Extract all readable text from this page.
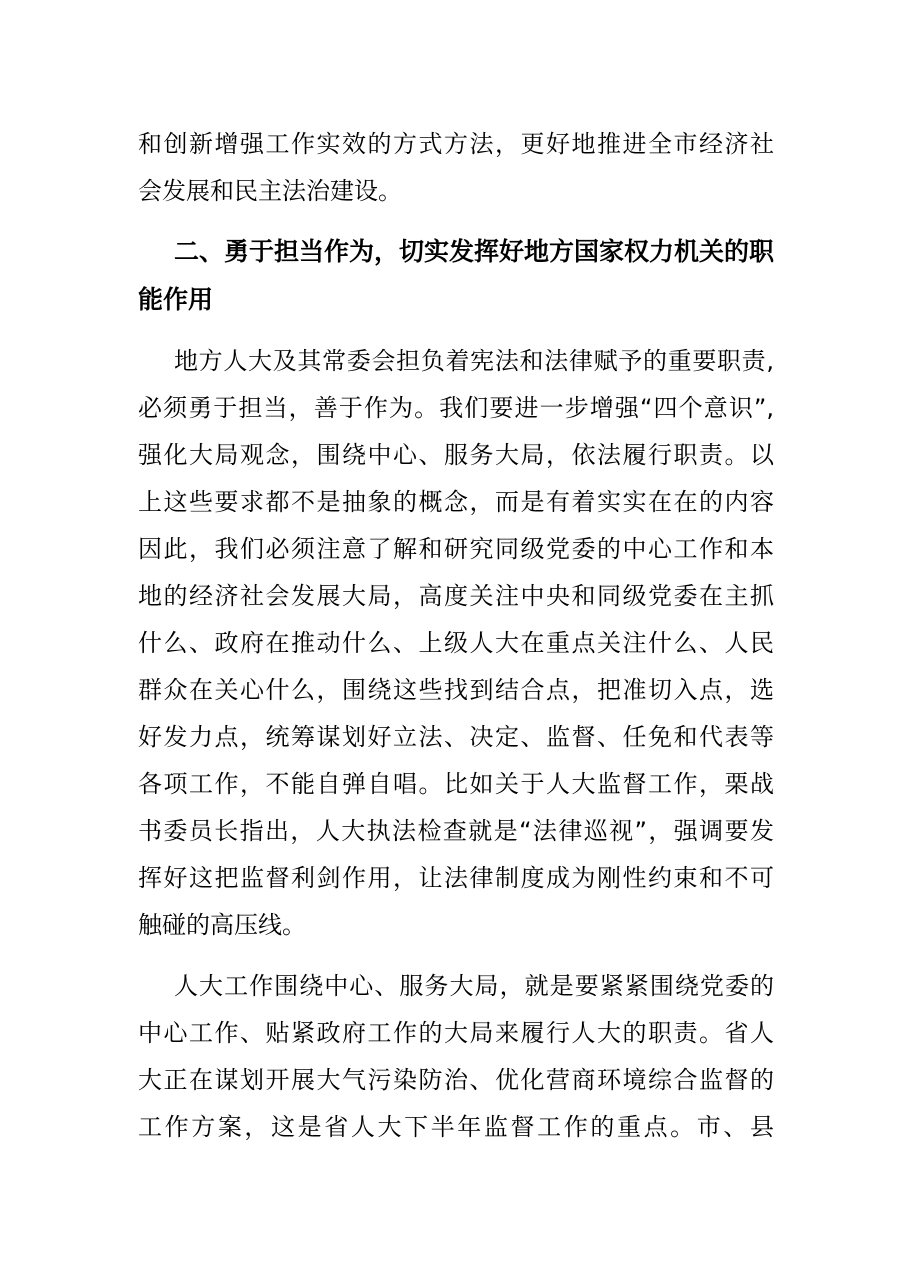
和创新增强工作实效的方式方法，更好地推进全市经济社
会发展和民主法治建设。
二、勇于担当作为，切实发挥好地方国家权力机关的职
能作用
地方人大及其常委会担负着宪法和法律赋予的重要职责,
必须勇于担当，善于作为。我们要进一步增强“四个意识”,
强化大局观念，围绕中心、服务大局，依法履行职责。以
上这些要求都不是抽象的概念，而是有着实实在在的内容
因此，我们必须注意了解和研究同级党委的中心工作和本
地的经济社会发展大局，高度关注中央和同级党委在主抓
什么、政府在推动什么、上级人大在重点关注什么、人民
群众在关心什么，围绕这些找到结合点，把准切入点，选
好发力点，统筹谋划好立法、决定、监督、任免和代表等
各项工作，不能自弹自唱。比如关于人大监督工作，栗战
书委员长指出，人大执法检查就是“法律巡视”，强调要发
挥好这把监督利剑作用，让法律制度成为刚性约束和不可
触碰的高压线。
人大工作围绕中心、服务大局，就是要紧紧围绕党委的
中心工作、贴紧政府工作的大局来履行人大的职责。省人
大正在谋划开展大气污染防治、优化营商环境综合监督的
工作方案，这是省人大下半年监督工作的重点。市、县
